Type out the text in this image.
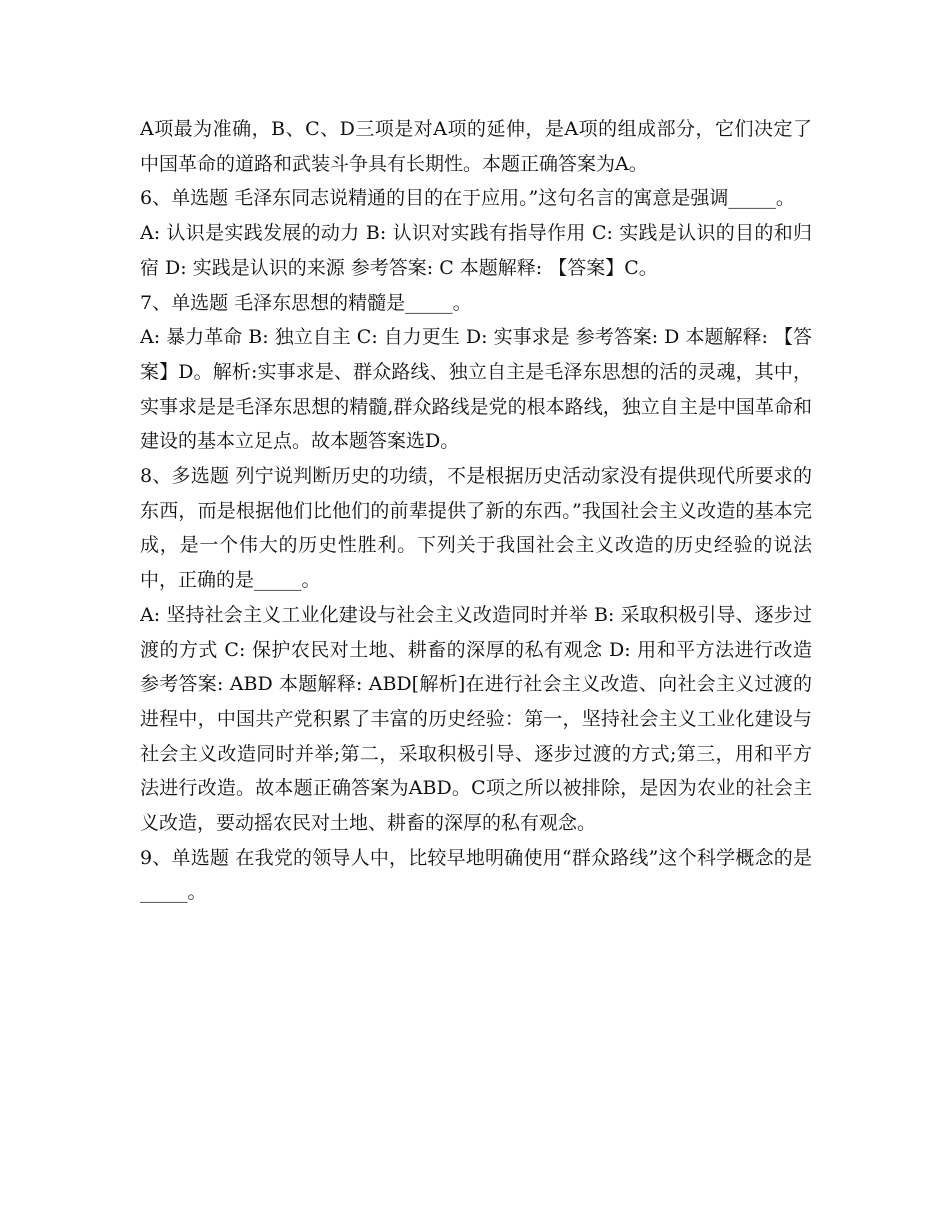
A项最为准确，B、C、D三项是对A项的延伸，是A项的组成部分，它们决定了中国革命的道路和武装斗争具有长期性。本题正确答案为A。

6、单选题 毛泽东同志说精通的目的在于应用。”这句名言的寓意是强调_____。

A: 认识是实践发展的动力 B: 认识对实践有指导作用 C: 实践是认识的目的和归宿 D: 实践是认识的来源 参考答案: C 本题解释: 【答案】C。

7、单选题 毛泽东思想的精髓是_____。

A: 暴力革命 B: 独立自主 C: 自力更生 D: 实事求是 参考答案: D 本题解释: 【答案】D。解析:实事求是、群众路线、独立自主是毛泽东思想的活的灵魂，其中，实事求是是毛泽东思想的精髓,群众路线是党的根本路线，独立自主是中国革命和建设的基本立足点。故本题答案选D。

8、多选题 列宁说判断历史的功绩，不是根据历史活动家没有提供现代所要求的东西，而是根据他们比他们的前辈提供了新的东西。”我国社会主义改造的基本完成，是一个伟大的历史性胜利。下列关于我国社会主义改造的历史经验的说法中，正确的是_____。

A: 坚持社会主义工业化建设与社会主义改造同时并举 B: 采取积极引导、逐步过渡的方式 C: 保护农民对土地、耕畜的深厚的私有观念 D: 用和平方法进行改造 参考答案: ABD 本题解释: ABD[解析]在进行社会主义改造、向社会主义过渡的进程中，中国共产党积累了丰富的历史经验：第一，坚持社会主义工业化建设与社会主义改造同时并举;第二，采取积极引导、逐步过渡的方式;第三，用和平方法进行改造。故本题正确答案为ABD。C项之所以被排除，是因为农业的社会主义改造，要动摇农民对土地、耕畜的深厚的私有观念。

9、单选题 在我党的领导人中，比较早地明确使用“群众路线”这个科学概念的是_____。
